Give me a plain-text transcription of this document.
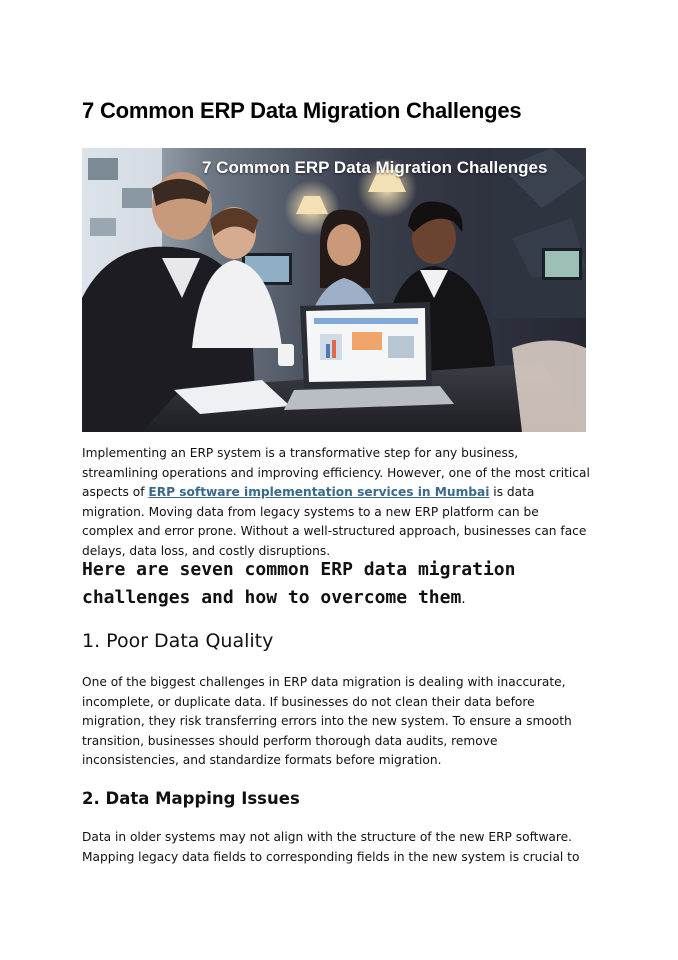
7 Common ERP Data Migration Challenges
7 Common ERP Data Migration Challenges

Implementing an ERP system is a transformative step for any business, streamlining operations and improving efficiency. However, one of the most critical aspects of ERP software implementation services in Mumbai is data migration. Moving data from legacy systems to a new ERP platform can be complex and error prone. Without a well-structured approach, businesses can face delays, data loss, and costly disruptions.

Here are seven common ERP data migration challenges and how to overcome them.
1. Poor Data Quality

One of the biggest challenges in ERP data migration is dealing with inaccurate, incomplete, or duplicate data. If businesses do not clean their data before migration, they risk transferring errors into the new system. To ensure a smooth transition, businesses should perform thorough data audits, remove inconsistencies, and standardize formats before migration.

2. Data Mapping Issues

Data in older systems may not align with the structure of the new ERP software. Mapping legacy data fields to corresponding fields in the new system is crucial to
